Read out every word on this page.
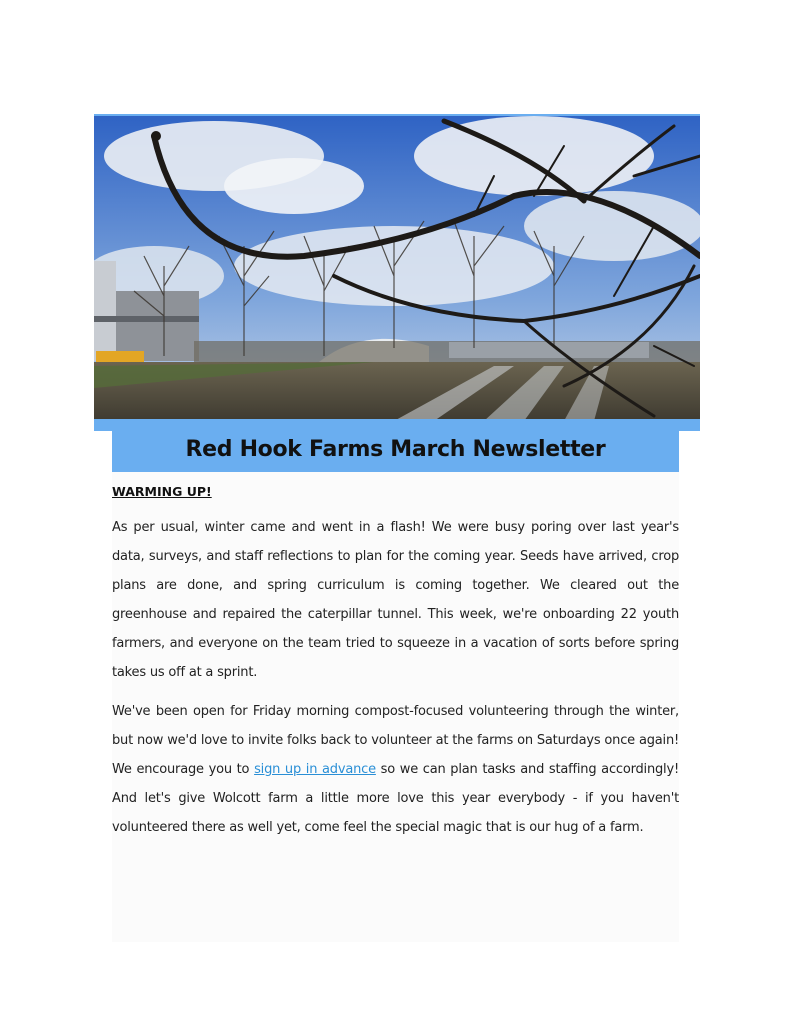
Red Hook Farms March Newsletter

WARMING UP!

As per usual, winter came and went in a flash! We were busy poring over last year's data, surveys, and staff reflections to plan for the coming year. Seeds have arrived, crop plans are done, and spring curriculum is coming together. We cleared out the greenhouse and repaired the caterpillar tunnel. This week, we're onboarding 22 youth farmers, and everyone on the team tried to squeeze in a vacation of sorts before spring takes us off at a sprint.

We've been open for Friday morning compost-focused volunteering through the winter, but now we'd love to invite folks back to volunteer at the farms on Saturdays once again! We encourage you to sign up in advance so we can plan tasks and staffing accordingly! And let's give Wolcott farm a little more love this year everybody - if you haven't volunteered there as well yet, come feel the special magic that is our hug of a farm.
